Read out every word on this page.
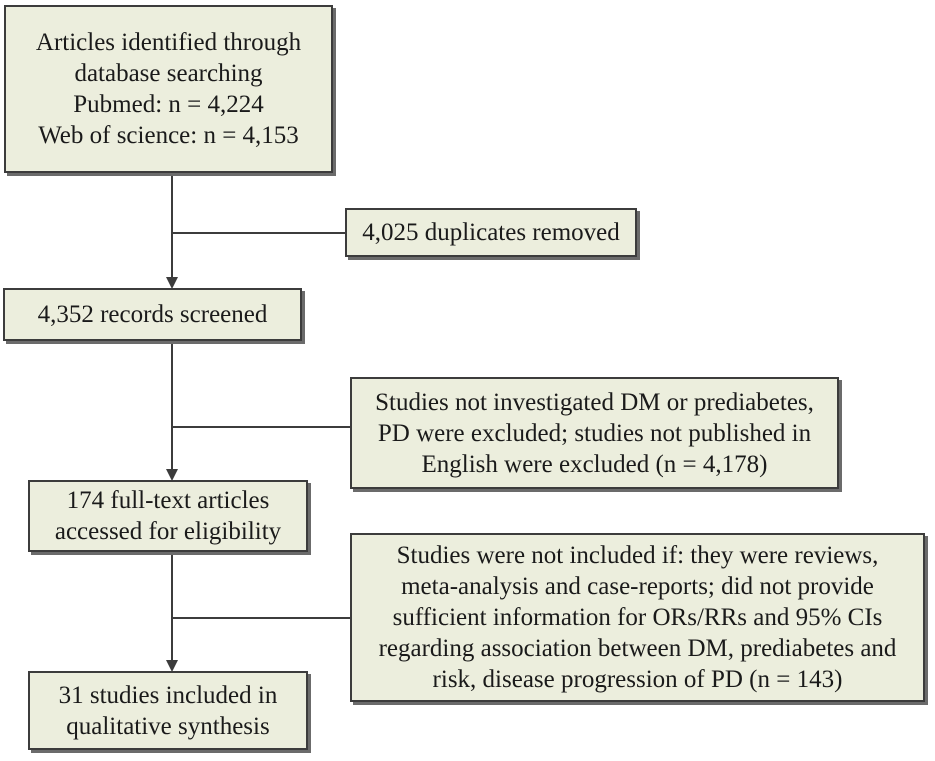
Articles identified through
database searching
Pubmed: n = 4,224
Web of science: n = 4,153
4,025 duplicates removed
4,352 records screened
Studies not investigated DM or prediabetes,
PD were excluded; studies not published in
English were excluded (n = 4,178)
174 full-text articles
accessed for eligibility
Studies were not included if: they were reviews,
meta-analysis and case-reports; did not provide
sufficient information for ORs/RRs and 95% CIs
regarding association between DM, prediabetes and
risk, disease progression of PD (n = 143)
31 studies included in
qualitative synthesis
